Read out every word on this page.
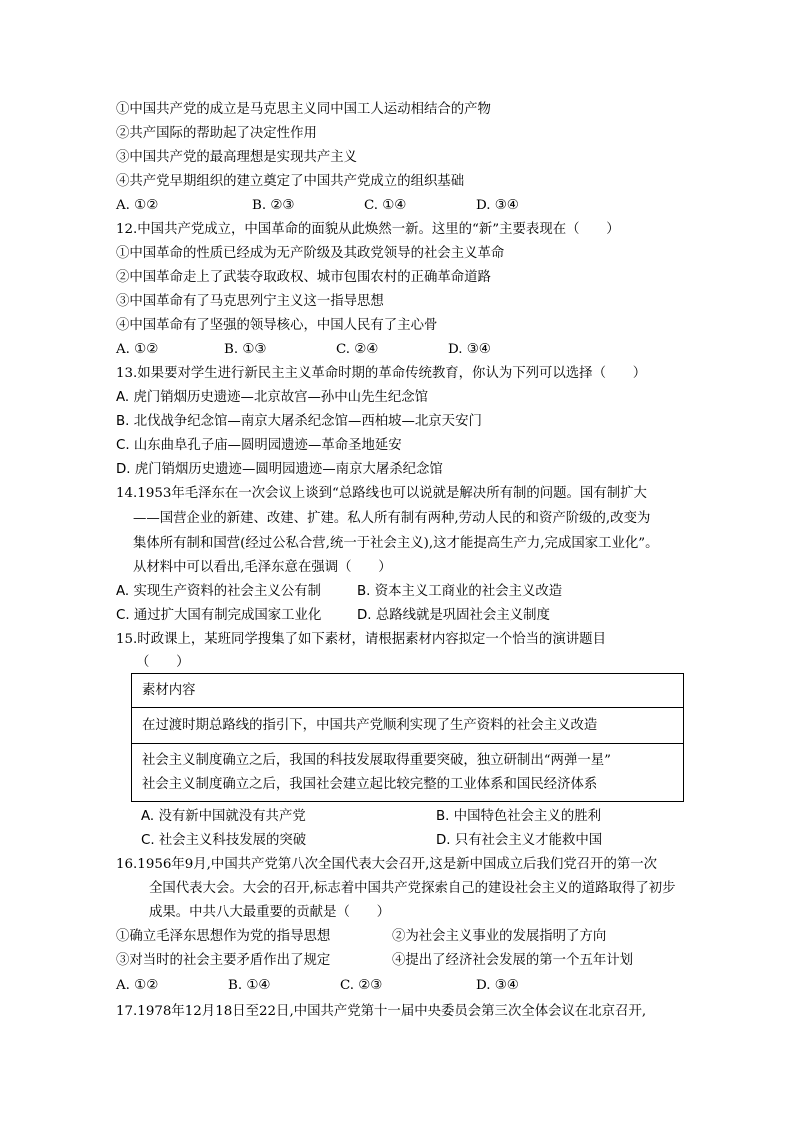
①中国共产党的成立是马克思主义同中国工人运动相结合的产物
②共产国际的帮助起了决定性作用
③中国共产党的最高理想是实现共产主义
④共产党早期组织的建立奠定了中国共产党成立的组织基础
A. ①②	B. ②③	C. ①④	D. ③④
12.中国共产党成立，中国革命的面貌从此焕然一新。这里的“新”主要表现在（　　）
①中国革命的性质已经成为无产阶级及其政党领导的社会主义革命
②中国革命走上了武装夺取政权、城市包围农村的正确革命道路
③中国革命有了马克思列宁主义这一指导思想
④中国革命有了坚强的领导核心，中国人民有了主心骨
A. ①②	B. ①③	C. ②④	D. ③④
13.如果要对学生进行新民主主义革命时期的革命传统教育，你认为下列可以选择（　　）
A. 虎门销烟历史遗迹—北京故宫—孙中山先生纪念馆
B. 北伐战争纪念馆—南京大屠杀纪念馆—西柏坡—北京天安门
C. 山东曲阜孔子庙—圆明园遗迹—革命圣地延安
D. 虎门销烟历史遗迹—圆明园遗迹—南京大屠杀纪念馆
14.1953年毛泽东在一次会议上谈到“总路线也可以说就是解决所有制的问题。国有制扩大
——国营企业的新建、改建、扩建。私人所有制有两种,劳动人民的和资产阶级的,改变为
集体所有制和国营(经过公私合营,统一于社会主义),这才能提高生产力,完成国家工业化”。
从材料中可以看出,毛泽东意在强调（　　）
A. 实现生产资料的社会主义公有制	B. 资本主义工商业的社会主义改造
C. 通过扩大国有制完成国家工业化	D. 总路线就是巩固社会主义制度
15.时政课上，某班同学搜集了如下素材，请根据素材内容拟定一个恰当的演讲题目
（　　）
素材内容

在过渡时期总路线的指引下，中国共产党顺利实现了生产资料的社会主义改造

社会主义制度确立之后，我国的科技发展取得重要突破，独立研制出“两弹一星”
社会主义制度确立之后，我国社会建立起比较完整的工业体系和国民经济体系
A. 没有新中国就没有共产党	B. 中国特色社会主义的胜利
C. 社会主义科技发展的突破	D. 只有社会主义才能救中国
16.1956年9月,中国共产党第八次全国代表大会召开,这是新中国成立后我们党召开的第一次
全国代表大会。大会的召开,标志着中国共产党探索自己的建设社会主义的道路取得了初步
成果。中共八大最重要的贡献是（　　）
①确立毛泽东思想作为党的指导思想	②为社会主义事业的发展指明了方向
③对当时的社会主要矛盾作出了规定	④提出了经济社会发展的第一个五年计划
A. ①②	B. ①④	C. ②③	D. ③④
17.1978年12月18日至22日,中国共产党第十一届中央委员会第三次全体会议在北京召开,
